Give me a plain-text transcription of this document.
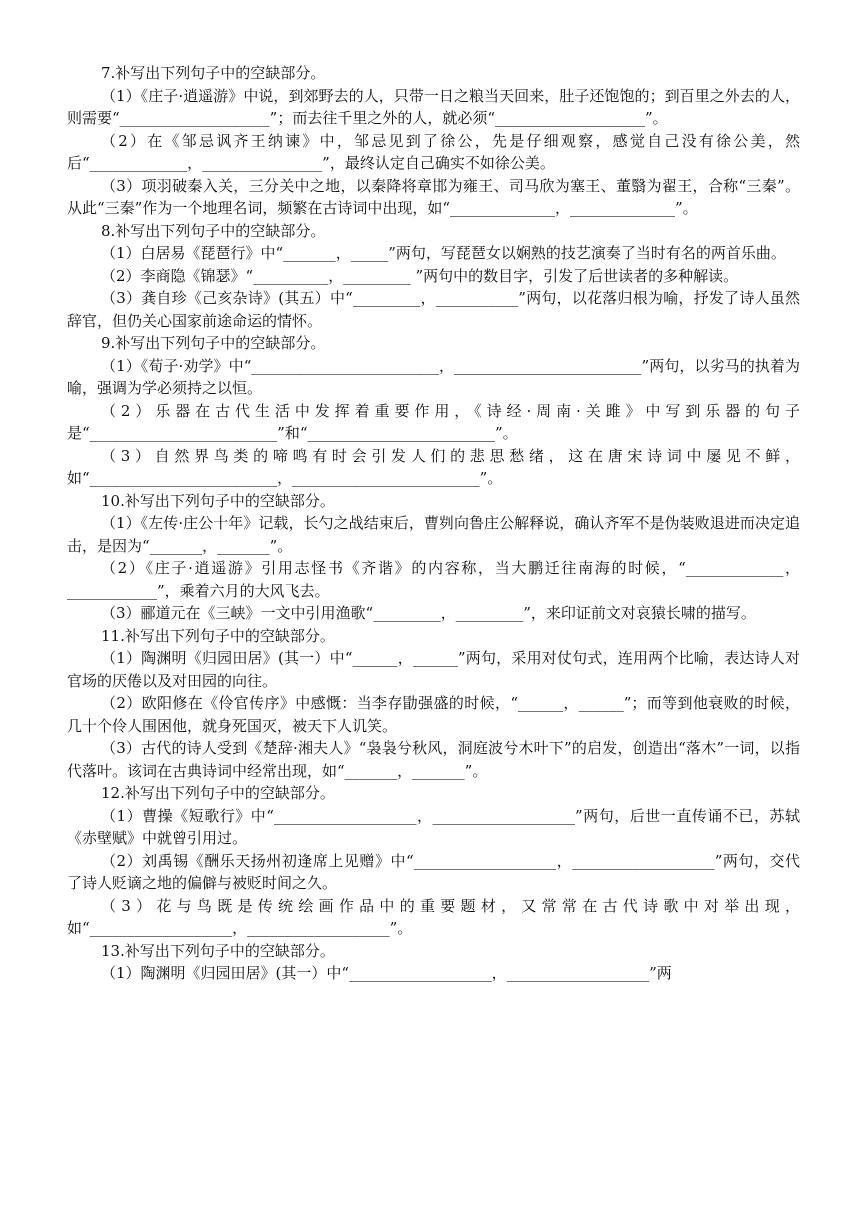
7.补写出下列句子中的空缺部分。

（1）《庄子·逍遥游》中说，到郊野去的人，只带一日之粮当天回来，肚子还饱饱的；到百里之外去的人，则需要“____________________”；而去往千里之外的人，就必须“____________________”。

（2）在《邹忌讽齐王纳谏》中，邹忌见到了徐公，先是仔细观察，感觉自己没有徐公美，然后“_____________，________________”，最终认定自己确实不如徐公美。

（3）项羽破秦入关，三分关中之地，以秦降将章邯为雍王、司马欣为塞王、董翳为翟王，合称“三秦”。从此“三秦”作为一个地理名词，频繁在古诗词中出现，如“______________，______________”。

8.补写出下列句子中的空缺部分。

（1）白居易《琵琶行》中“_______，_____”两句，写琵琶女以娴熟的技艺演奏了当时有名的两首乐曲。

（2）李商隐《锦瑟》“__________，_________ ”两句中的数目字，引发了后世读者的多种解读。

（3）龚自珍《己亥杂诗》(其五）中“_________，___________”两句，以花落归根为喻，抒发了诗人虽然辞官，但仍关心国家前途命运的情怀。

9.补写出下列句子中的空缺部分。

（1）《荀子·劝学》中“_________________________，_________________________”两句，以劣马的执着为喻，强调为学必须持之以恒。

（2）乐器在古代生活中发挥着重要作用，《诗经·周南·关雎》中写到乐器的句子是“_________________________”和“_________________________”。

（3）自然界鸟类的啼鸣有时会引发人们的悲思愁绪，这在唐宋诗词中屡见不鲜，如“_________________________，_________________________”。

10.补写出下列句子中的空缺部分。

（1）《左传·庄公十年》记载，长勺之战结束后，曹刿向鲁庄公解释说，确认齐军不是伪装败退进而决定追击，是因为“_______，_______”。

（2）《庄子·逍遥游》引用志怪书《齐谐》的内容称，当大鹏迁往南海的时候，“_____________，____________”，乘着六月的大风飞去。

（3）郦道元在《三峡》一文中引用渔歌“_________，_________”，来印证前文对哀猿长啸的描写。

11.补写出下列句子中的空缺部分。

（1）陶渊明《归园田居》(其一）中“______，______”两句，采用对仗句式，连用两个比喻，表达诗人对官场的厌倦以及对田园的向往。

（2）欧阳修在《伶官传序》中感慨：当李存勖强盛的时候，“______，______”；而等到他衰败的时候，几十个伶人围困他，就身死国灭，被天下人讥笑。

（3）古代的诗人受到《楚辞·湘夫人》“袅袅兮秋风，洞庭波兮木叶下”的启发，创造出“落木”一词，以指代落叶。该词在古典诗词中经常出现，如“_______，_______”。

12.补写出下列句子中的空缺部分。

（1）曹操《短歌行》中“___________________，___________________”两句，后世一直传诵不已，苏轼《赤壁赋》中就曾引用过。

（2）刘禹锡《酬乐天扬州初逢席上见赠》中“___________________，___________________”两句，交代了诗人贬谪之地的偏僻与被贬时间之久。

（3）花与鸟既是传统绘画作品中的重要题材，又常常在古代诗歌中对举出现，如“___________________，___________________”。

13.补写出下列句子中的空缺部分。

（1）陶渊明《归园田居》(其一）中“___________________，___________________”两
